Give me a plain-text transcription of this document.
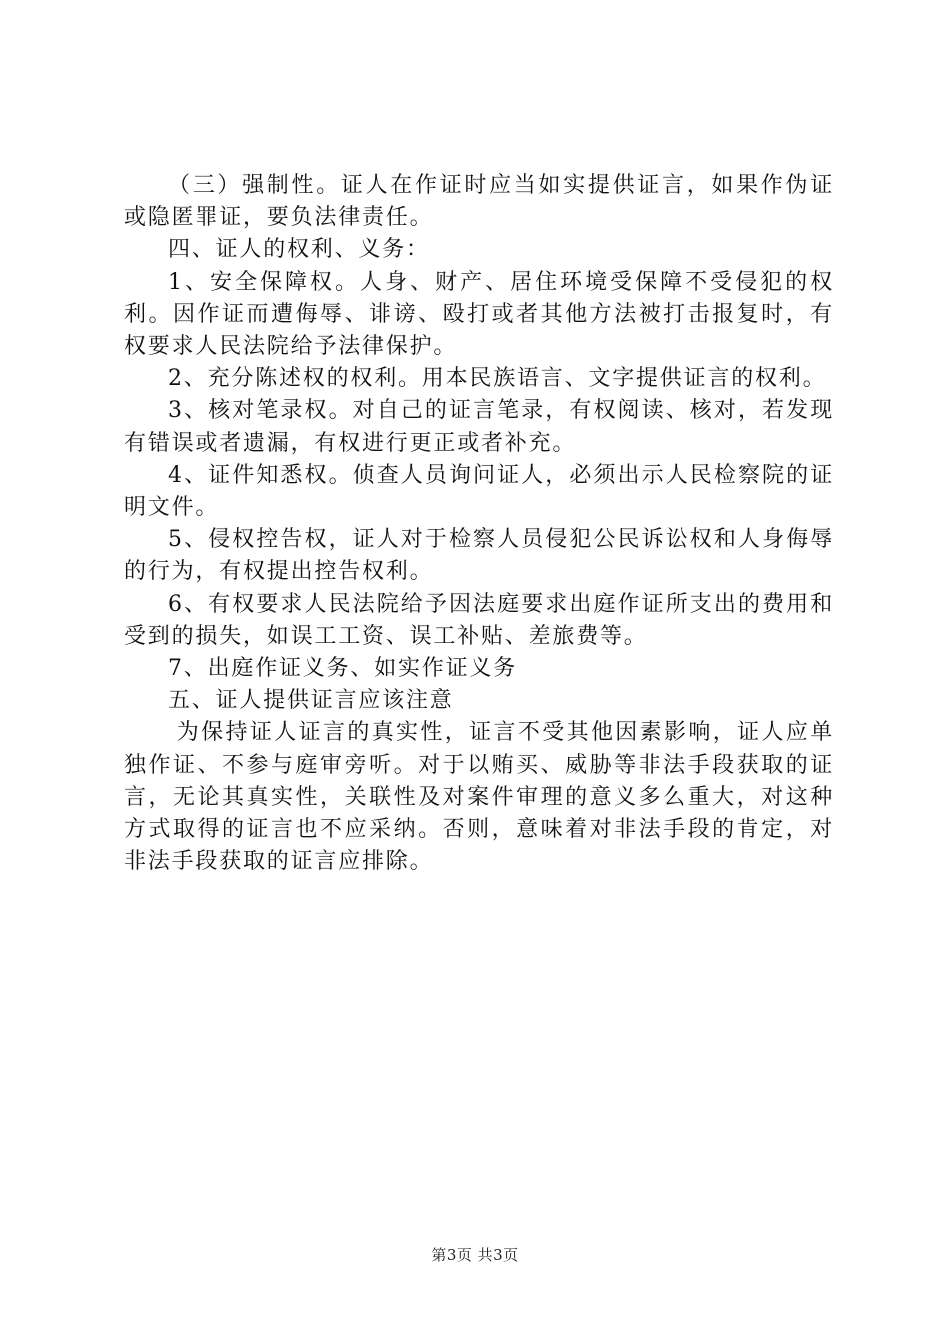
（三）强制性。证人在作证时应当如实提供证言，如果作伪证或隐匿罪证，要负法律责任。

四、证人的权利、义务：

1、安全保障权。人身、财产、居住环境受保障不受侵犯的权利。因作证而遭侮辱、诽谤、殴打或者其他方法被打击报复时，有权要求人民法院给予法律保护。

2、充分陈述权的权利。用本民族语言、文字提供证言的权利。

3、核对笔录权。对自己的证言笔录，有权阅读、核对，若发现有错误或者遗漏，有权进行更正或者补充。

4、证件知悉权。侦查人员询问证人，必须出示人民检察院的证明文件。

5、侵权控告权，证人对于检察人员侵犯公民诉讼权和人身侮辱的行为，有权提出控告权利。

6、有权要求人民法院给予因法庭要求出庭作证所支出的费用和受到的损失，如误工工资、误工补贴、差旅费等。

7、出庭作证义务、如实作证义务

五、证人提供证言应该注意

为保持证人证言的真实性，证言不受其他因素影响，证人应单独作证、不参与庭审旁听。对于以贿买、威胁等非法手段获取的证言，无论其真实性，关联性及对案件审理的意义多么重大，对这种方式取得的证言也不应采纳。否则，意味着对非法手段的肯定，对非法手段获取的证言应排除。

第3页 共3页
